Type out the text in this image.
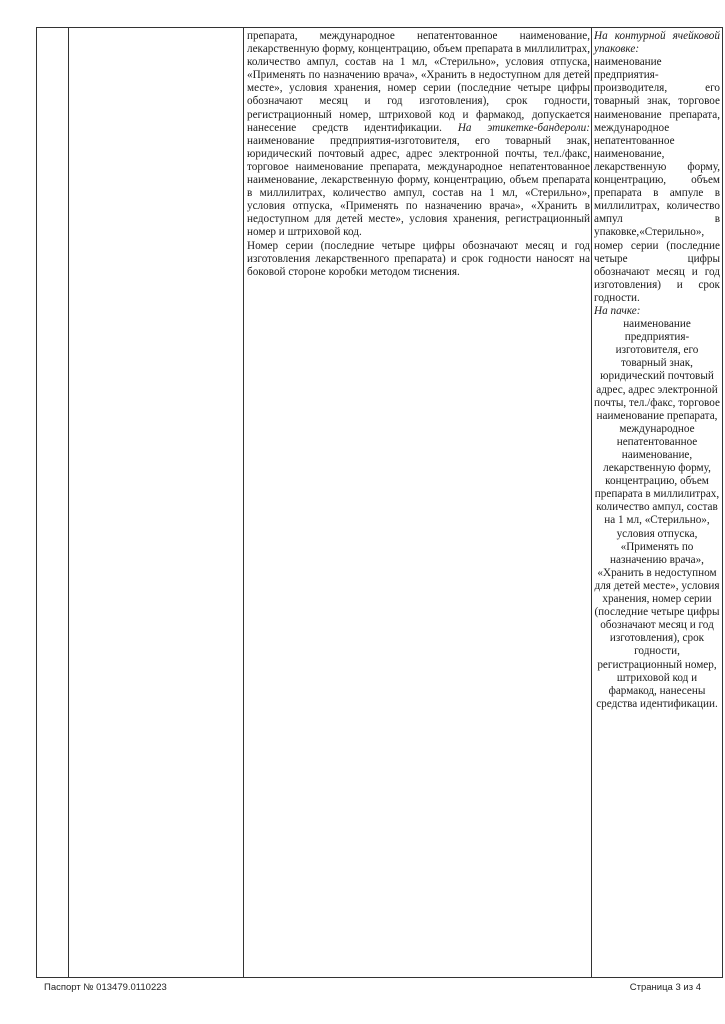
препарата, международное непатентованное наименование, лекарственную форму, концентрацию, объем препарата в миллилитрах, количество ампул, состав на 1 мл, «Стерильно», условия отпуска, «Применять по назначению врача», «Хранить в недоступном для детей месте», условия хранения, номер серии (последние четыре цифры обозначают месяц и год изготовления), срок годности, регистрационный номер, штриховой код и фармакод, допускается нанесение средств идентификации. На этикетке-бандероли: наименование предприятия-изготовителя, его товарный знак, юридический почтовый адрес, адрес электронной почты, тел./факс, торговое наименование препарата, международное непатентованное наименование, лекарственную форму, концентрацию, объем препарата в миллилитрах, количество ампул, состав на 1 мл, «Стерильно», условия отпуска, «Применять по назначению врача», «Хранить в недоступном для детей месте», условия хранения, регистрационный номер и штриховой код.

Номер серии (последние четыре цифры обозначают месяц и год изготовления лекарственного препарата) и срок годности наносят на боковой стороне коробки методом тиснения.

На контурной ячейковой упаковке:

наименование предприятия-производителя, его товарный знак, торговое наименование препарата, международное непатентованное наименование, лекарственную форму, концентрацию, объем препарата в ампуле в миллилитрах, количество ампул в упаковке,«Стерильно», номер серии (последние четыре цифры обозначают месяц и год изготовления) и срок годности.

На пачке:

наименование предприятия-изготовителя, его товарный знак, юридический почтовый адрес, адрес электронной почты, тел./факс, торговое наименование препарата, международное непатентованное наименование, лекарственную форму, концентрацию, объем препарата в миллилитрах, количество ампул, состав на 1 мл, «Стерильно», условия отпуска, «Применять по назначению врача», «Хранить в недоступном для детей месте», условия хранения, номер серии (последние четыре цифры обозначают месяц и год изготовления), срок годности, регистрационный номер, штриховой код и фармакод, нанесены средства идентификации.

Паспорт № 013479.0110223	Страница 3 из 4
